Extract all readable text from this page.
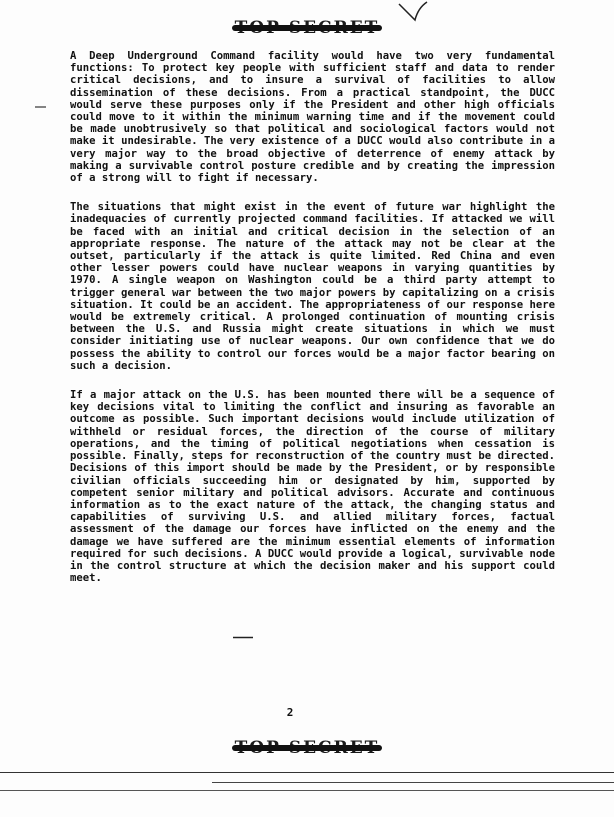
A Deep Underground Command facility would have two very fundamental functions: To protect key people with sufficient staff and data to render critical decisions, and to insure a survival of facilities to allow dissemination of these decisions. From a practical standpoint, the DUCC would serve these purposes only if the President and other high officials could move to it within the minimum warning time and if the movement could be made unobtrusively so that political and sociological factors would not make it undesirable. The very existence of a DUCC would also contribute in a very major way to the broad objective of deterrence of enemy attack by making a survivable control posture credible and by creating the impression of a strong will to fight if necessary.

The situations that might exist in the event of future war highlight the inadequacies of currently projected command facilities. If attacked we will be faced with an initial and critical decision in the selection of an appropriate response. The nature of the attack may not be clear at the outset, particularly if the attack is quite limited. Red China and even other lesser powers could have nuclear weapons in varying quantities by 1970. A single weapon on Washington could be a third party attempt to trigger general war between the two major powers by capitalizing on a crisis situation. It could be an accident. The appropriateness of our response here would be extremely critical. A prolonged continuation of mounting crisis between the U.S. and Russia might create situations in which we must consider initiating use of nuclear weapons. Our own confidence that we do possess the ability to control our forces would be a major factor bearing on such a decision.

If a major attack on the U.S. has been mounted there will be a sequence of key decisions vital to limiting the conflict and insuring as favorable an outcome as possible. Such important decisions would include utilization of withheld or residual forces, the direction of the course of military operations, and the timing of political negotiations when cessation is possible. Finally, steps for reconstruction of the country must be directed. Decisions of this import should be made by the President, or by responsible civilian officials succeeding him or designated by him, supported by competent senior military and political advisors. Accurate and continuous information as to the exact nature of the attack, the changing status and capabilities of surviving U.S. and allied military forces, factual assessment of the damage our forces have inflicted on the enemy and the damage we have suffered are the minimum essential elements of information required for such decisions. A DUCC would provide a logical, survivable node in the control structure at which the decision maker and his support could meet.

2
